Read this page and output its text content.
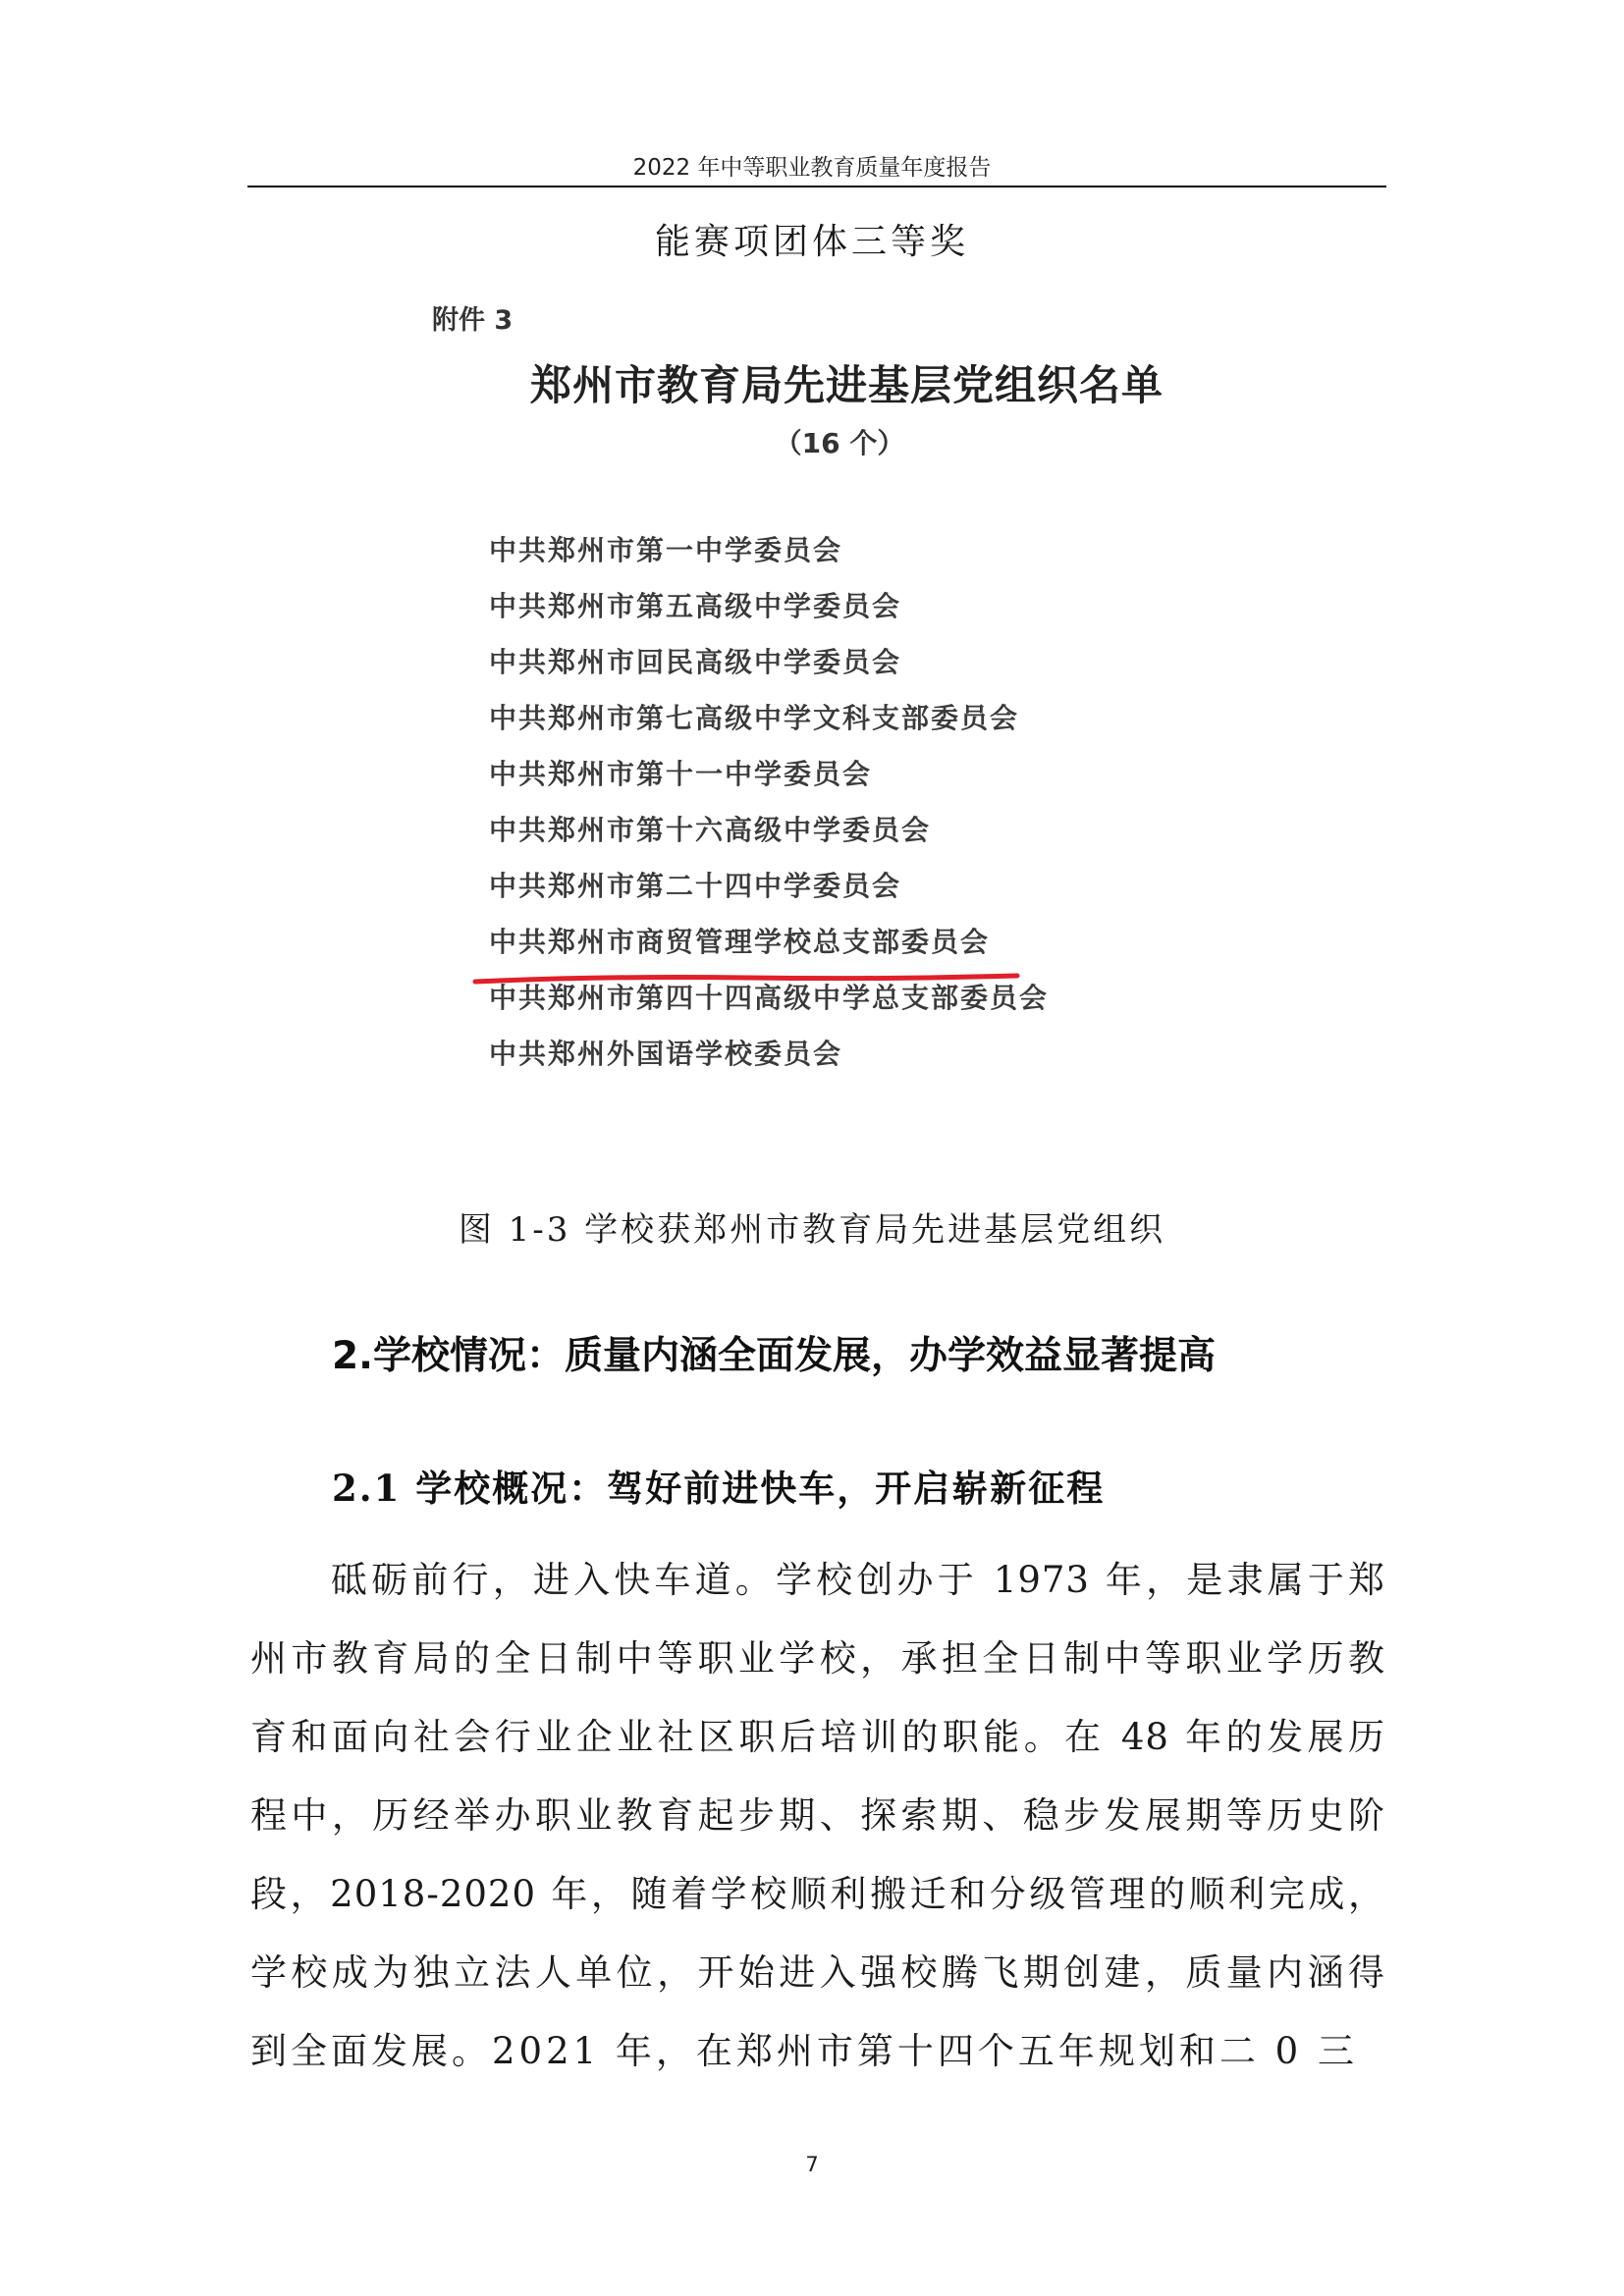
2022 年中等职业教育质量年度报告
能赛项团体三等奖
附件 3
郑州市教育局先进基层党组织名单
（16 个）
中共郑州市第一中学委员会
中共郑州市第五高级中学委员会
中共郑州市回民高级中学委员会
中共郑州市第七高级中学文科支部委员会
中共郑州市第十一中学委员会
中共郑州市第十六高级中学委员会
中共郑州市第二十四中学委员会
中共郑州市商贸管理学校总支部委员会
中共郑州市第四十四高级中学总支部委员会
中共郑州外国语学校委员会
图 1-3 学校获郑州市教育局先进基层党组织
2.学校情况：质量内涵全面发展，办学效益显著提高
2.1 学校概况：驾好前进快车，开启崭新征程
砥砺前行，进入快车道。学校创办于 1973 年，是隶属于郑
州市教育局的全日制中等职业学校，承担全日制中等职业学历教
育和面向社会行业企业社区职后培训的职能。在 48 年的发展历
程中，历经举办职业教育起步期、探索期、稳步发展期等历史阶
段，2018-2020 年，随着学校顺利搬迁和分级管理的顺利完成，
学校成为独立法人单位，开始进入强校腾飞期创建，质量内涵得
到全面发展。2021 年，在郑州市第十四个五年规划和二 0 三
7
